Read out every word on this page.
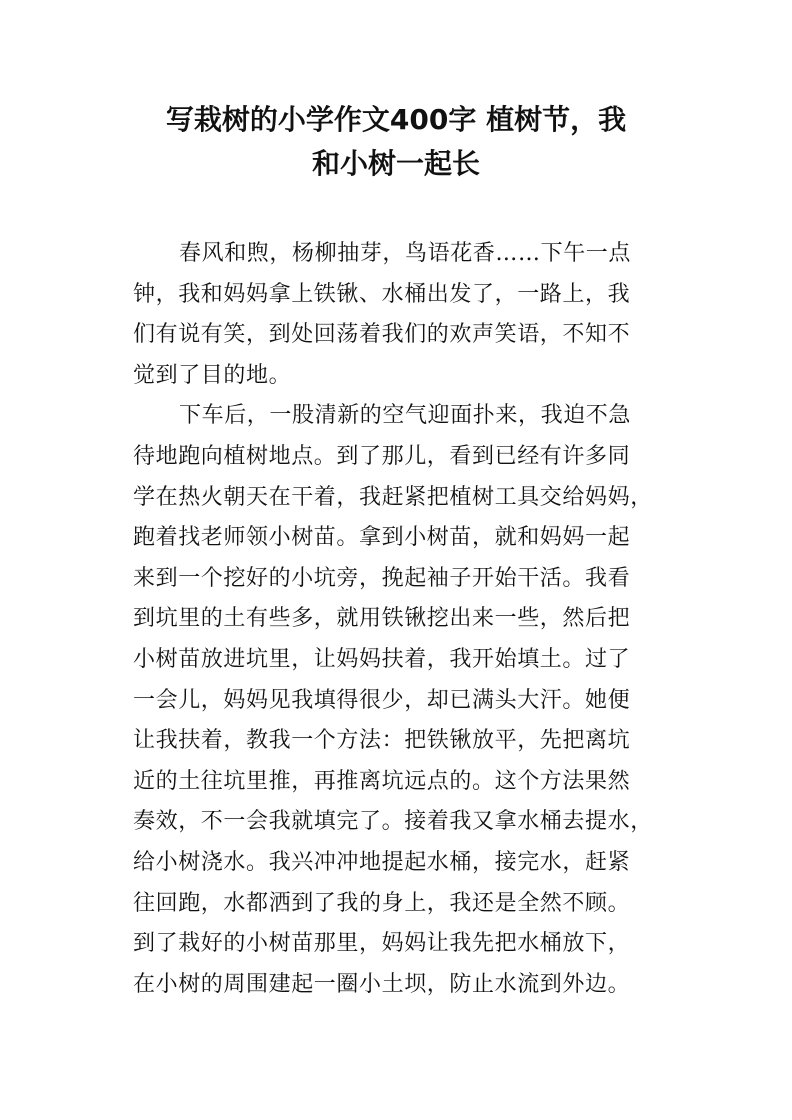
写栽树的小学作文400字 植树节，我
和小树一起长
春风和煦，杨柳抽芽，鸟语花香……下午一点
钟，我和妈妈拿上铁锹、水桶出发了，一路上，我
们有说有笑，到处回荡着我们的欢声笑语，不知不
觉到了目的地。
下车后，一股清新的空气迎面扑来，我迫不急
待地跑向植树地点。到了那儿，看到已经有许多同
学在热火朝天在干着，我赶紧把植树工具交给妈妈，
跑着找老师领小树苗。拿到小树苗，就和妈妈一起
来到一个挖好的小坑旁，挽起袖子开始干活。我看
到坑里的土有些多，就用铁锹挖出来一些，然后把
小树苗放进坑里，让妈妈扶着，我开始填土。过了
一会儿，妈妈见我填得很少，却已满头大汗。她便
让我扶着，教我一个方法：把铁锹放平，先把离坑
近的土往坑里推，再推离坑远点的。这个方法果然
奏效，不一会我就填完了。接着我又拿水桶去提水，
给小树浇水。我兴冲冲地提起水桶，接完水，赶紧
往回跑，水都洒到了我的身上，我还是全然不顾。
到了栽好的小树苗那里，妈妈让我先把水桶放下，
在小树的周围建起一圈小土坝，防止水流到外边。
